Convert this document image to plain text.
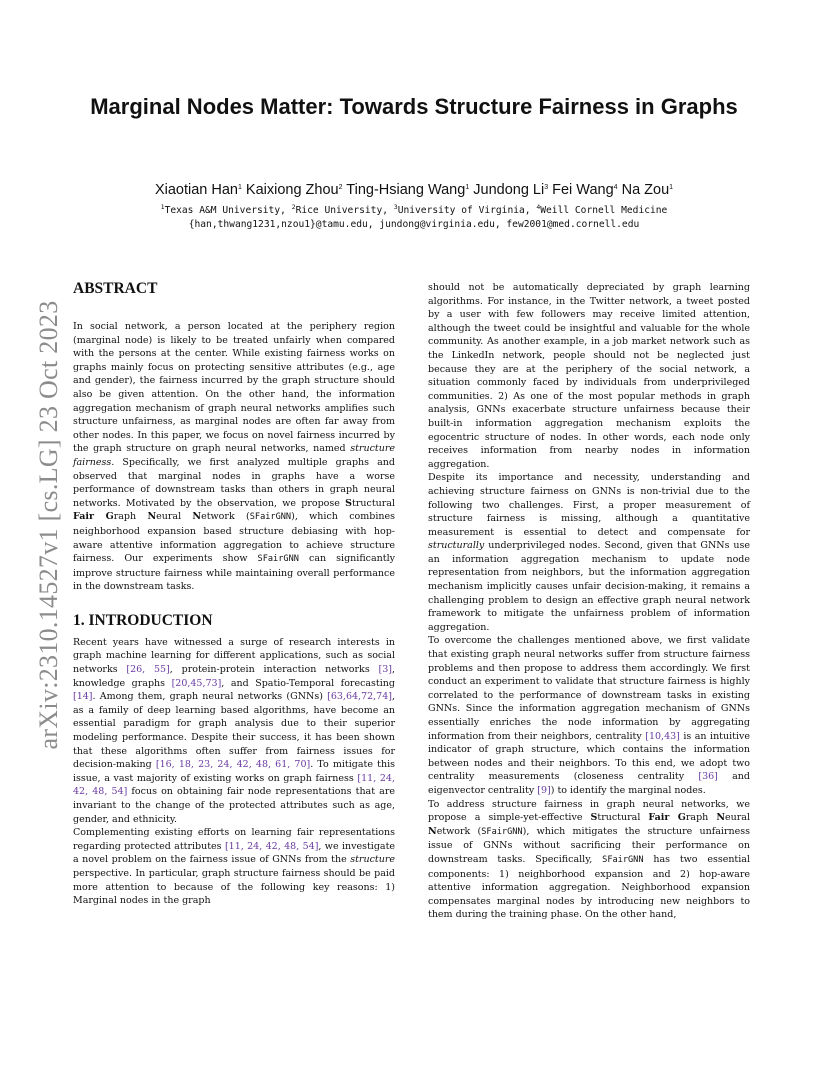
arXiv:2310.14527v1 [cs.LG] 23 Oct 2023
Marginal Nodes Matter: Towards Structure Fairness in Graphs
Xiaotian Han$^1$ Kaixiong Zhou$^2$ Ting-Hsiang Wang$^1$ Jundong Li$^3$ Fei Wang$^4$ Na Zou$^1$
$^1$Texas A&M University, $^2$Rice University, $^3$University of Virginia, $^4$Weill Cornell Medicine
{han,thwang1231,nzou1}@tamu.edu, jundong@virginia.edu, few2001@med.cornell.edu
ABSTRACT

In social network, a person located at the periphery region (marginal node) is likely to be treated unfairly when compared with the persons at the center. While existing fairness works on graphs mainly focus on protecting sensitive attributes (e.g., age and gender), the fairness incurred by the graph structure should also be given attention. On the other hand, the information aggregation mechanism of graph neural networks amplifies such structure unfairness, as marginal nodes are often far away from other nodes. In this paper, we focus on novel fairness incurred by the graph structure on graph neural networks, named structure fairness. Specifically, we first analyzed multiple graphs and observed that marginal nodes in graphs have a worse performance of downstream tasks than others in graph neural networks. Motivated by the observation, we propose Structural Fair Graph Neural Network (SFairGNN), which combines neighborhood expansion based structure debiasing with hop-aware attentive information aggregation to achieve structure fairness. Our experiments show SFairGNN can significantly improve structure fairness while maintaining overall performance in the downstream tasks.

1. INTRODUCTION

Recent years have witnessed a surge of research interests in graph machine learning for different applications, such as social networks [26, 55], protein-protein interaction networks [3], knowledge graphs [20,45,73], and Spatio-Temporal forecasting [14]. Among them, graph neural networks (GNNs) [63,64,72,74], as a family of deep learning based algorithms, have become an essential paradigm for graph analysis due to their superior modeling performance. Despite their success, it has been shown that these algorithms often suffer from fairness issues for decision-making [16, 18, 23, 24, 42, 48, 61, 70]. To mitigate this issue, a vast majority of existing works on graph fairness [11, 24, 42, 48, 54] focus on obtaining fair node representations that are invariant to the change of the protected attributes such as age, gender, and ethnicity.

Complementing existing efforts on learning fair representations regarding protected attributes [11, 24, 42, 48, 54], we investigate a novel problem on the fairness issue of GNNs from the structure perspective. In particular, graph structure fairness should be paid more attention to because of the following key reasons: 1) Marginal nodes in the graph

should not be automatically depreciated by graph learning algorithms. For instance, in the Twitter network, a tweet posted by a user with few followers may receive limited attention, although the tweet could be insightful and valuable for the whole community. As another example, in a job market network such as the LinkedIn network, people should not be neglected just because they are at the periphery of the social network, a situation commonly faced by individuals from underprivileged communities. 2) As one of the most popular methods in graph analysis, GNNs exacerbate structure unfairness because their built-in information aggregation mechanism exploits the egocentric structure of nodes. In other words, each node only receives information from nearby nodes in information aggregation.

Despite its importance and necessity, understanding and achieving structure fairness on GNNs is non-trivial due to the following two challenges. First, a proper measurement of structure fairness is missing, although a quantitative measurement is essential to detect and compensate for structurally underprivileged nodes. Second, given that GNNs use an information aggregation mechanism to update node representation from neighbors, but the information aggregation mechanism implicitly causes unfair decision-making, it remains a challenging problem to design an effective graph neural network framework to mitigate the unfairness problem of information aggregation.

To overcome the challenges mentioned above, we first validate that existing graph neural networks suffer from structure fairness problems and then propose to address them accordingly. We first conduct an experiment to validate that structure fairness is highly correlated to the performance of downstream tasks in existing GNNs. Since the information aggregation mechanism of GNNs essentially enriches the node information by aggregating information from their neighbors, centrality [10,43] is an intuitive indicator of graph structure, which contains the information between nodes and their neighbors. To this end, we adopt two centrality measurements (closeness centrality [36] and eigenvector centrality [9]) to identify the marginal nodes.

To address structure fairness in graph neural networks, we propose a simple-yet-effective Structural Fair Graph Neural Network (SFairGNN), which mitigates the structure unfairness issue of GNNs without sacrificing their performance on downstream tasks. Specifically, SFairGNN has two essential components: 1) neighborhood expansion and 2) hop-aware attentive information aggregation. Neighborhood expansion compensates marginal nodes by introducing new neighbors to them during the training phase. On the other hand,
